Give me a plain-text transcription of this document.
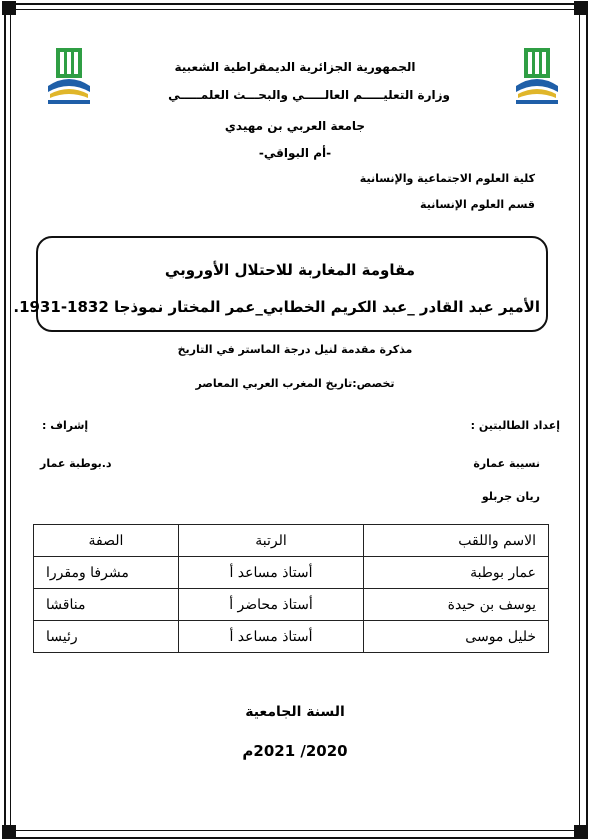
الجمهورية الجزائرية الديمقراطية الشعبية
وزارة التعليـــــم العالـــــي والبحـــث العلمـــــي
جامعة العربي بن مهيدي
-أم البواقي-
كلية العلوم الاجتماعية والإنسانية
قسم العلوم الإنسانية
مقاومة المغاربة للاحتلال الأوروبي
الأمير عبد القادر _عبد الكريم الخطابي_عمر المختار نموذجا 1832-1931.
مذكرة مقدمة لنيل درجة الماستر في التاريخ
تخصص:تاريخ المغرب العربي المعاصر
إعداد الطالبتين :
نسيبة عمارة
ريان جربلو
إشراف :
د.بوطبة عمار
الاسم واللقب	الرتبة	الصفة
عمار بوطبة	أستاذ مساعد أ	مشرفا ومقررا
يوسف بن حيدة	أستاذ محاضر أ	مناقشا
خليل موسى	أستاذ مساعد أ	رئيسا
السنة الجامعية
2020/ 2021م
